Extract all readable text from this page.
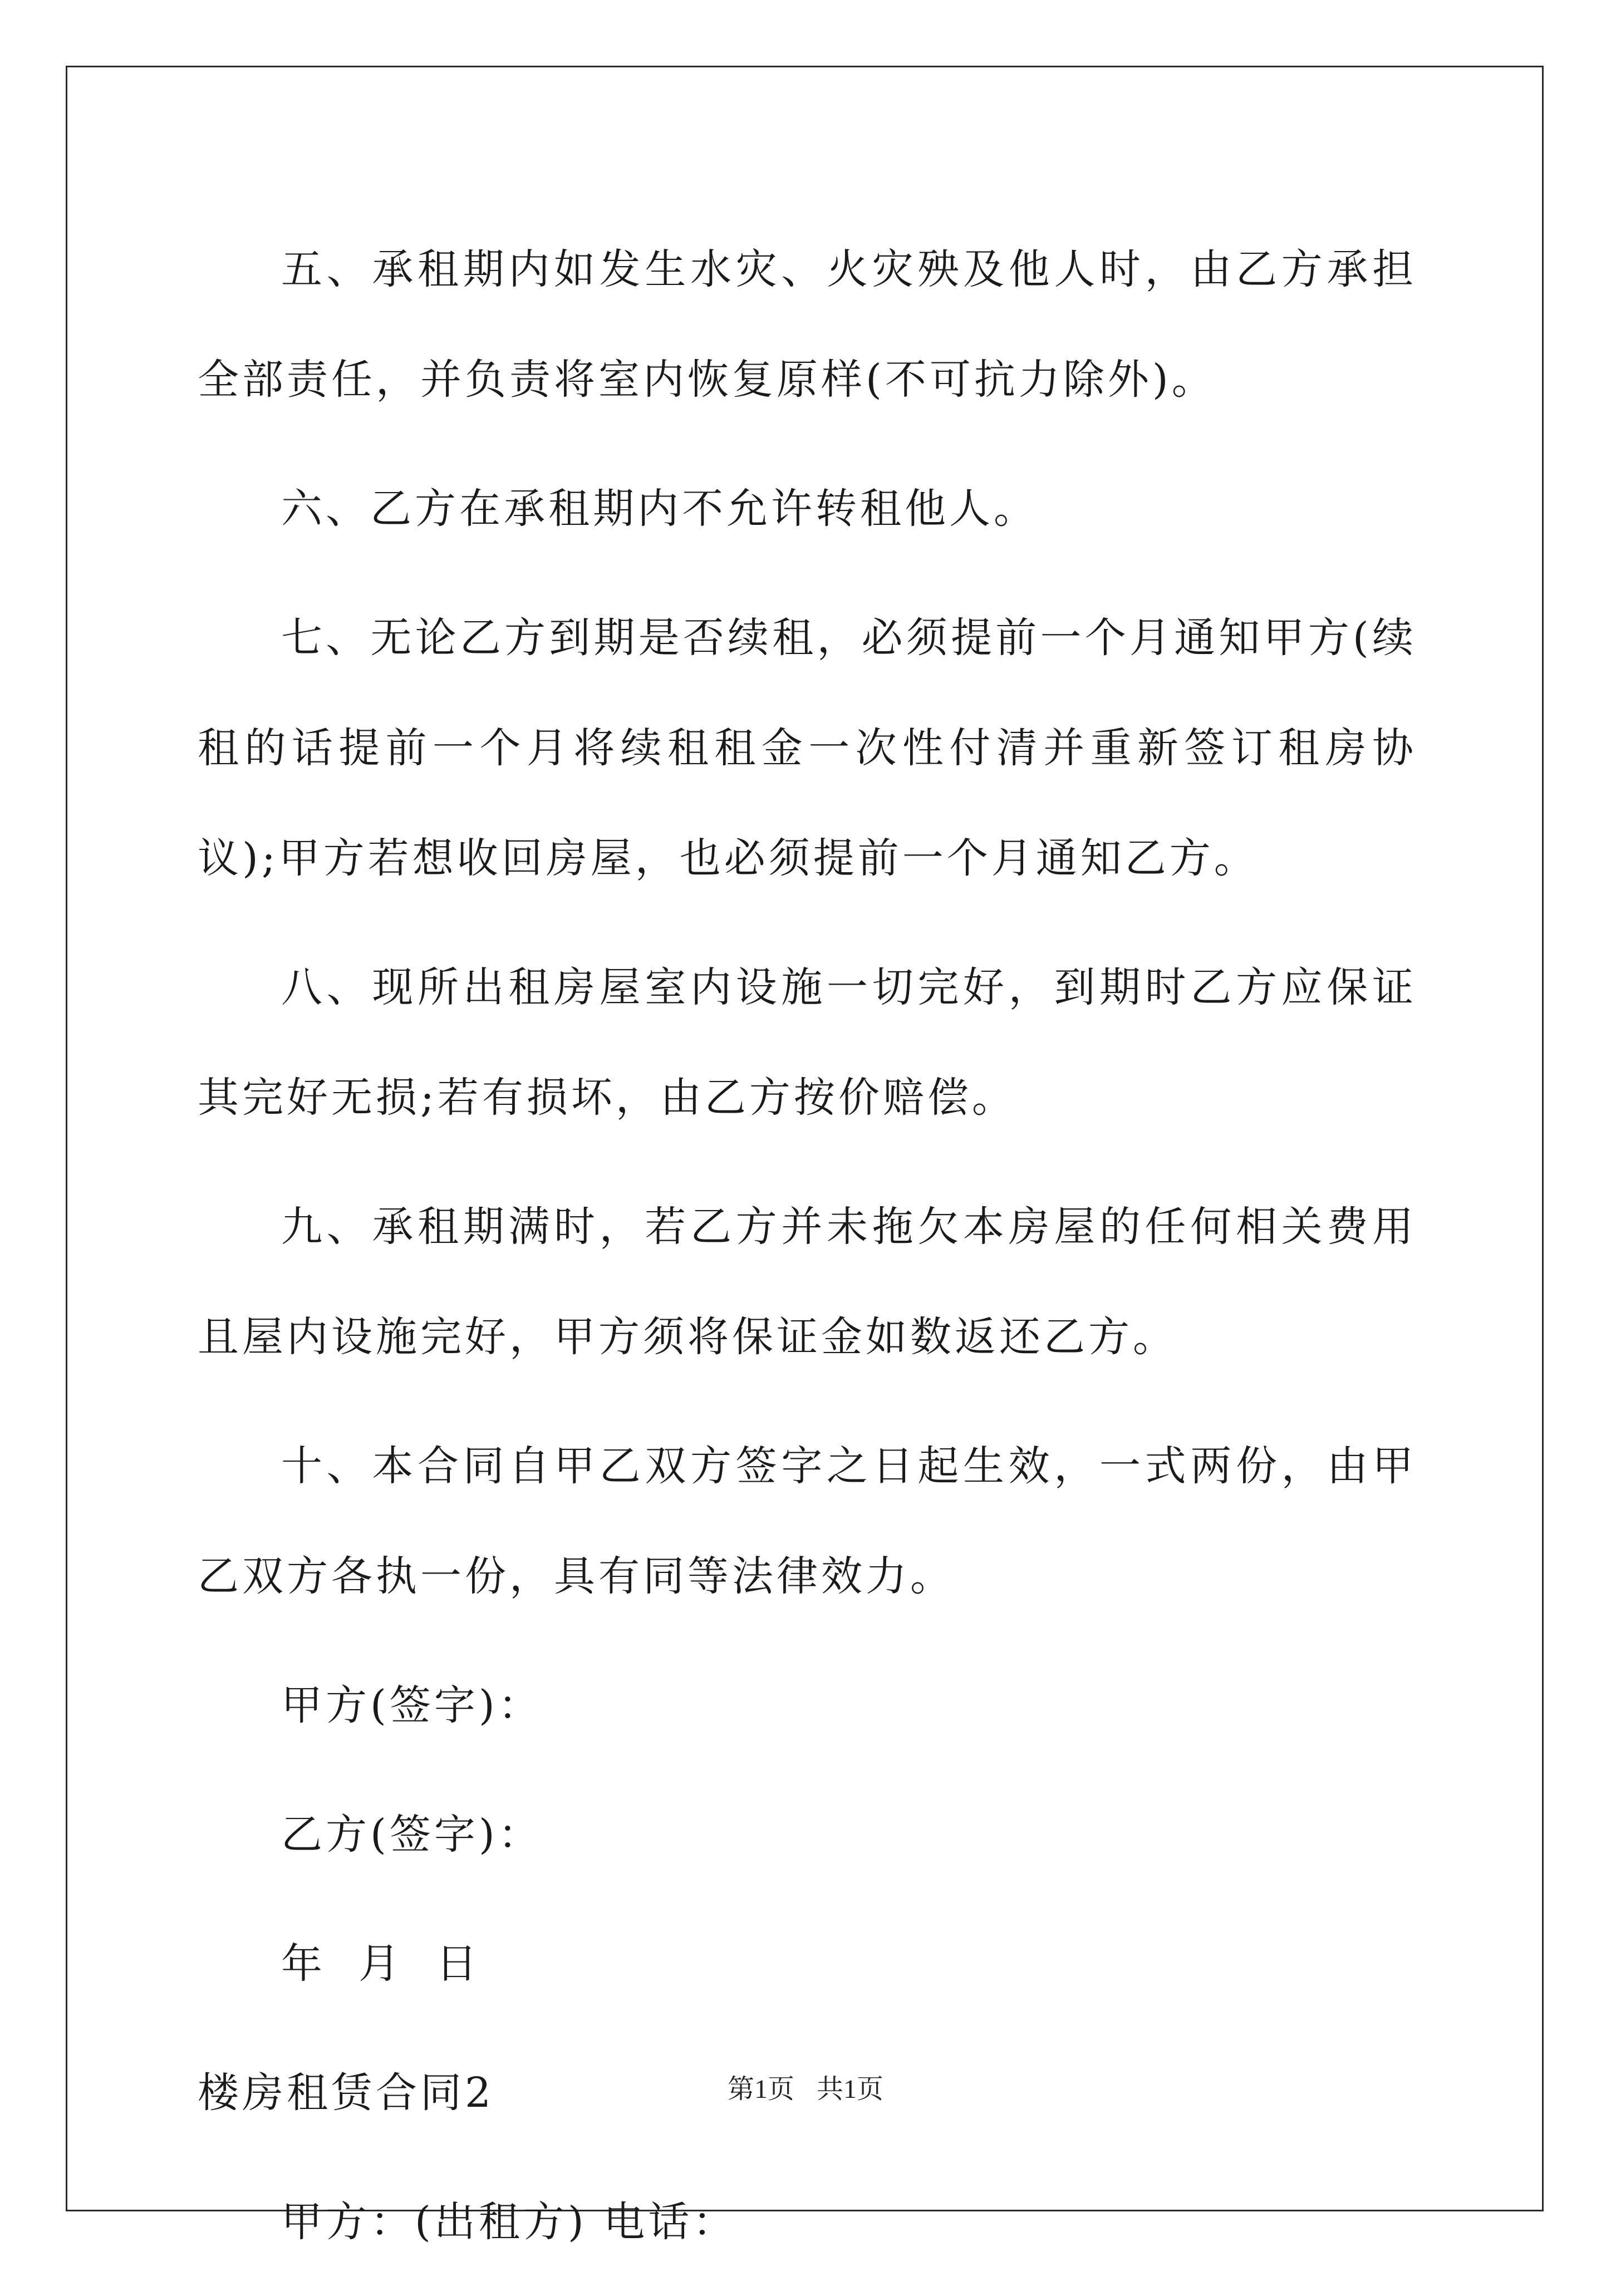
五、承租期内如发生水灾、火灾殃及他人时，由乙方承担全部责任，并负责将室内恢复原样(不可抗力除外)。

六、乙方在承租期内不允许转租他人。

七、无论乙方到期是否续租，必须提前一个月通知甲方(续租的话提前一个月将续租租金一次性付清并重新签订租房协议);甲方若想收回房屋，也必须提前一个月通知乙方。

八、现所出租房屋室内设施一切完好，到期时乙方应保证其完好无损;若有损坏，由乙方按价赔偿。

九、承租期满时，若乙方并未拖欠本房屋的任何相关费用且屋内设施完好，甲方须将保证金如数返还乙方。

十、本合同自甲乙双方签字之日起生效，一式两份，由甲乙双方各执一份，具有同等法律效力。

甲方(签字)：

乙方(签字)：

年  月  日

楼房租赁合同2

甲方：(出租方) 电话：

第1页 共1页
